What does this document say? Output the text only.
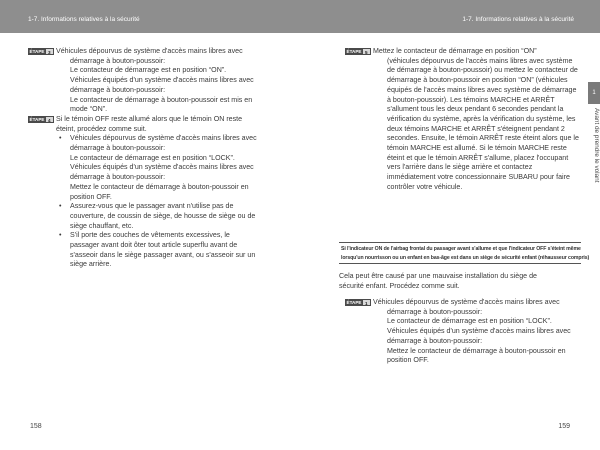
1-7. Informations relatives à la sécurité	1-7. Informations relatives à la sécurité
ÉTAPE 3 Véhicules dépourvus de système d'accès mains libres avec

démarrage à bouton-poussoir:

Le contacteur de démarrage est en position “ON”.

Véhicules équipés d'un système d'accès mains libres avec

démarrage à bouton-poussoir:

Le contacteur de démarrage à bouton-poussoir est mis en

mode “ON”.

ÉTAPE 4 Si le témoin OFF reste allumé alors que le témoin ON reste

éteint, procédez comme suit.

• Véhicules dépourvus de système d'accès mains libres avec
démarrage à bouton-poussoir:
Le contacteur de démarrage est en position “LOCK”.
Véhicules équipés d'un système d'accès mains libres avec
démarrage à bouton-poussoir:
Mettez le contacteur de démarrage à bouton-poussoir en
position OFF.
• Assurez-vous que le passager avant n'utilise pas de
couverture, de coussin de siège, de housse de siège ou de
siège chauffant, etc.
• S'il porte des couches de vêtements excessives, le
passager avant doit ôter tout article superflu avant de
s'asseoir dans le siège passager avant, ou s'asseoir sur un
siège arrière.
ÉTAPE 5 Mettez le contacteur de démarrage en position “ON”

(véhicules dépourvus de l'accès mains libres avec système

de démarrage à bouton-poussoir) ou mettez le contacteur de

démarrage à bouton-poussoir en position “ON” (véhicules

équipés de l'accès mains libres avec système de démarrage

à bouton-poussoir). Les témoins MARCHE et ARRÊT

s'allument tous les deux pendant 6 secondes pendant la

vérification du système, après la vérification du système, les

deux témoins MARCHE et ARRÊT s'éteignent pendant 2

secondes. Ensuite, le témoin ARRÊT reste éteint alors que le

témoin MARCHE est allumé. Si le témoin MARCHE reste

éteint et que le témoin ARRÊT s'allume, placez l'occupant

vers l'arrière dans le siège arrière et contactez

immédiatement votre concessionnaire SUBARU pour faire

contrôler votre véhicule.

Si l'indicateur ON de l'airbag frontal du passager avant s'allume et que l'indicateur OFF s'éteint même
lorsqu'un nourrisson ou un enfant en bas-âge est dans un siège de sécurité enfant (réhausseur compris)

Cela peut être causé par une mauvaise installation du siège de

sécurité enfant. Procédez comme suit.

ÉTAPE 1 Véhicules dépourvus de système d'accès mains libres avec

démarrage à bouton-poussoir:

Le contacteur de démarrage est en position “LOCK”.

Véhicules équipés d'un système d'accès mains libres avec

démarrage à bouton-poussoir:

Mettez le contacteur de démarrage à bouton-poussoir en

position OFF.

1
Avant de prendre le volant
158	159
